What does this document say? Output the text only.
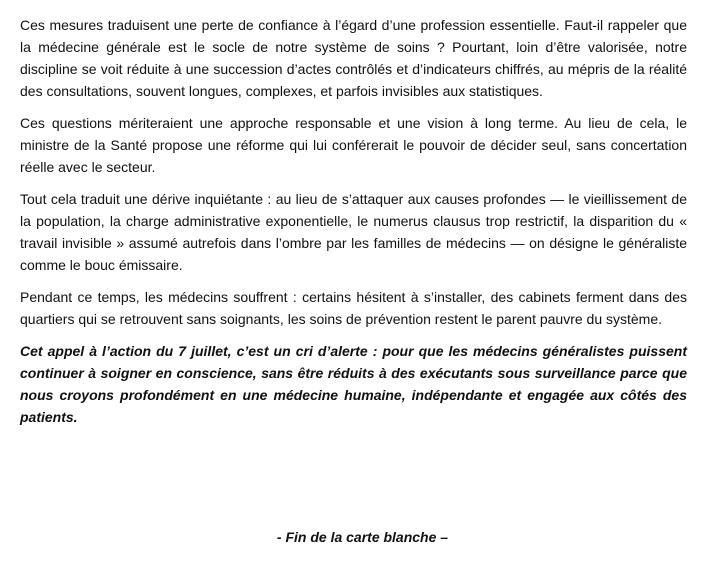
Ces mesures traduisent une perte de confiance à l’égard d’une profession essentielle. Faut-il rappeler que la médecine générale est le socle de notre système de soins ? Pourtant, loin d’être valorisée, notre discipline se voit réduite à une succession d’actes contrôlés et d’indicateurs chiffrés, au mépris de la réalité des consultations, souvent longues, complexes, et parfois invisibles aux statistiques.

Ces questions mériteraient une approche responsable et une vision à long terme. Au lieu de cela, le ministre de la Santé propose une réforme qui lui conférerait le pouvoir de décider seul, sans concertation réelle avec le secteur.

Tout cela traduit une dérive inquiétante : au lieu de s’attaquer aux causes profondes — le vieillissement de la population, la charge administrative exponentielle, le numerus clausus trop restrictif, la disparition du « travail invisible » assumé autrefois dans l’ombre par les familles de médecins — on désigne le généraliste comme le bouc émissaire.

Pendant ce temps, les médecins souffrent : certains hésitent à s’installer, des cabinets ferment dans des quartiers qui se retrouvent sans soignants, les soins de prévention restent le parent pauvre du système.

Cet appel à l’action du 7 juillet, c’est un cri d’alerte : pour que les médecins généralistes puissent continuer à soigner en conscience, sans être réduits à des exécutants sous surveillance parce que nous croyons profondément en une médecine humaine, indépendante et engagée aux côtés des patients.

- Fin de la carte blanche –
